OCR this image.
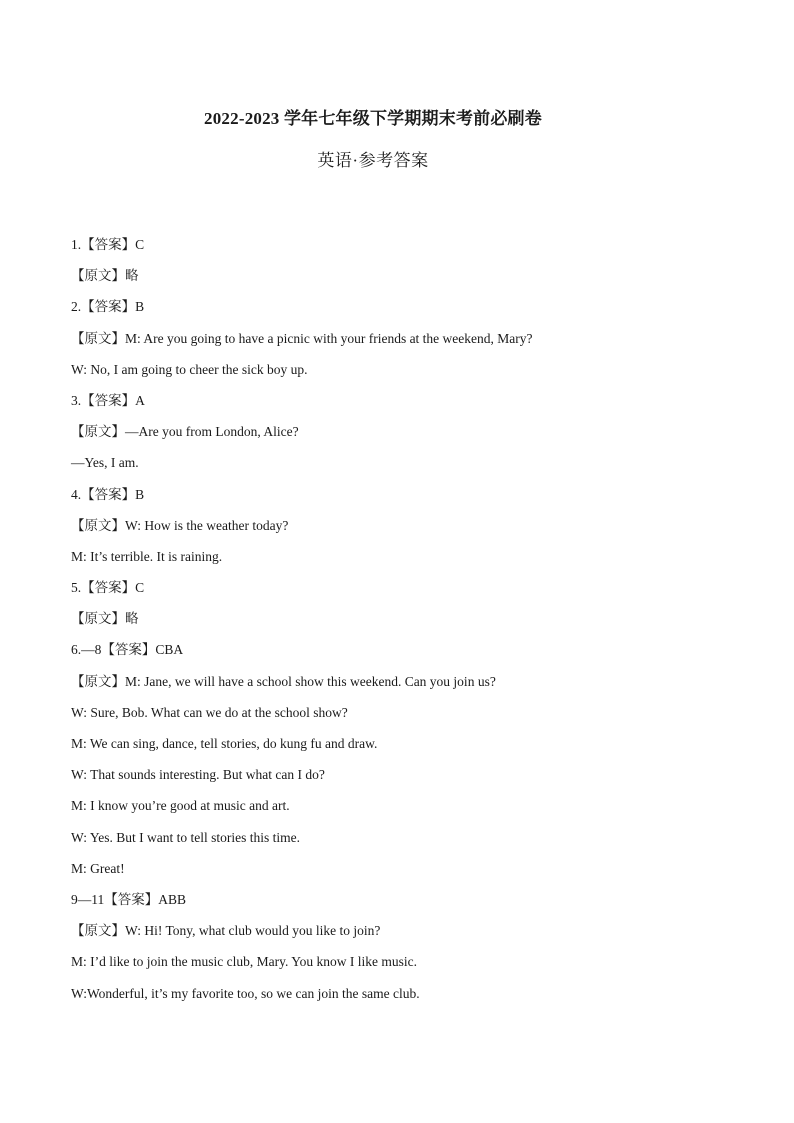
2022-2023 学年七年级下学期期末考前必刷卷
英语·参考答案
1.【答案】C
【原文】略
2.【答案】B
【原文】M: Are you going to have a picnic with your friends at the weekend, Mary?
W: No, I am going to cheer the sick boy up.
3.【答案】A
【原文】—Are you from London, Alice?
—Yes, I am.
4.【答案】B
【原文】W: How is the weather today?
M: It’s terrible. It is raining.
5.【答案】C
【原文】略
6.—8【答案】CBA
【原文】M: Jane, we will have a school show this weekend. Can you join us?
W: Sure, Bob. What can we do at the school show?
M: We can sing, dance, tell stories, do kung fu and draw.
W: That sounds interesting. But what can I do?
M: I know you’re good at music and art.
W: Yes. But I want to tell stories this time.
M: Great!
9—11【答案】ABB
【原文】W: Hi! Tony, what club would you like to join?
M: I’d like to join the music club, Mary. You know I like music.
W:Wonderful, it’s my favorite too, so we can join the same club.
